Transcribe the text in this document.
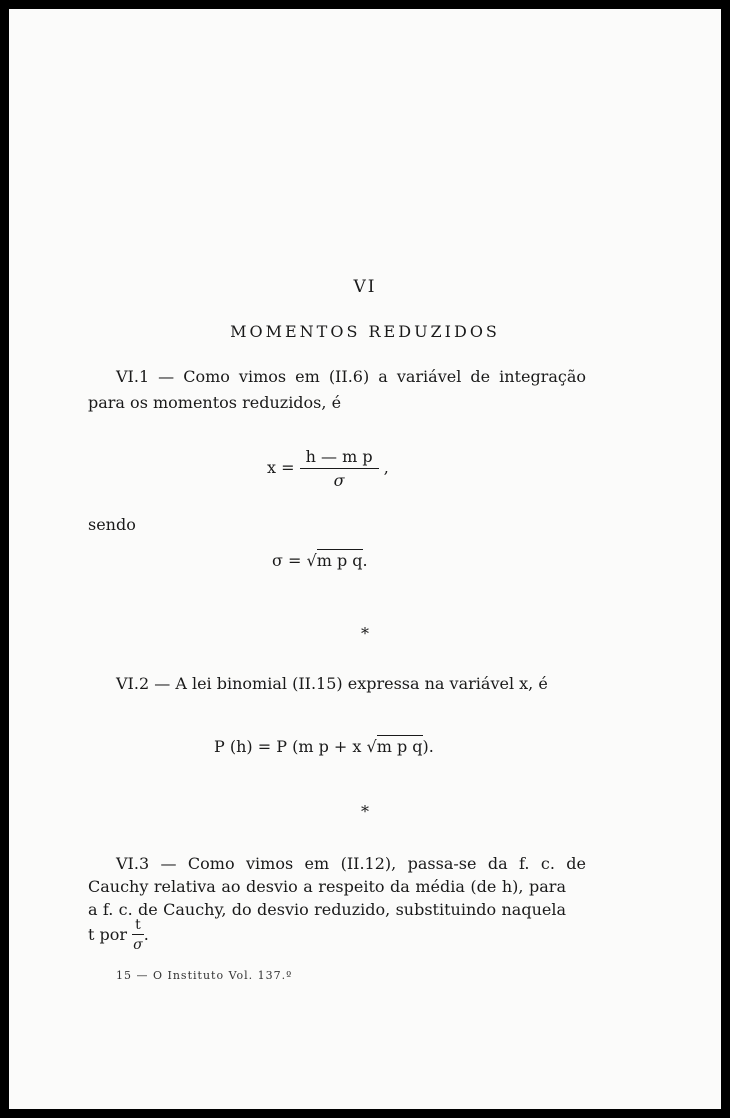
VI
MOMENTOS REDUZIDOS
VI.1 — Como vimos em (II.6) a variável de integração
para os momentos reduzidos, é
$x = \frac{\text{h — m p}}{\sigma}$ ,
sendo
σ = √m p q.
*
VI.2 — A lei binomial (II.15) expressa na variável x, é
P (h) = P (m p + x √m p q).
*
VI.3 — Como vimos em (II.12), passa-se da f. c. de
Cauchy relativa ao desvio a respeito da média (de h), para
a f. c. de Cauchy, do desvio reduzido, substituindo naquela
t por $\frac{t}{\sigma}$ .
15 — O Instituto Vol. 137.º
